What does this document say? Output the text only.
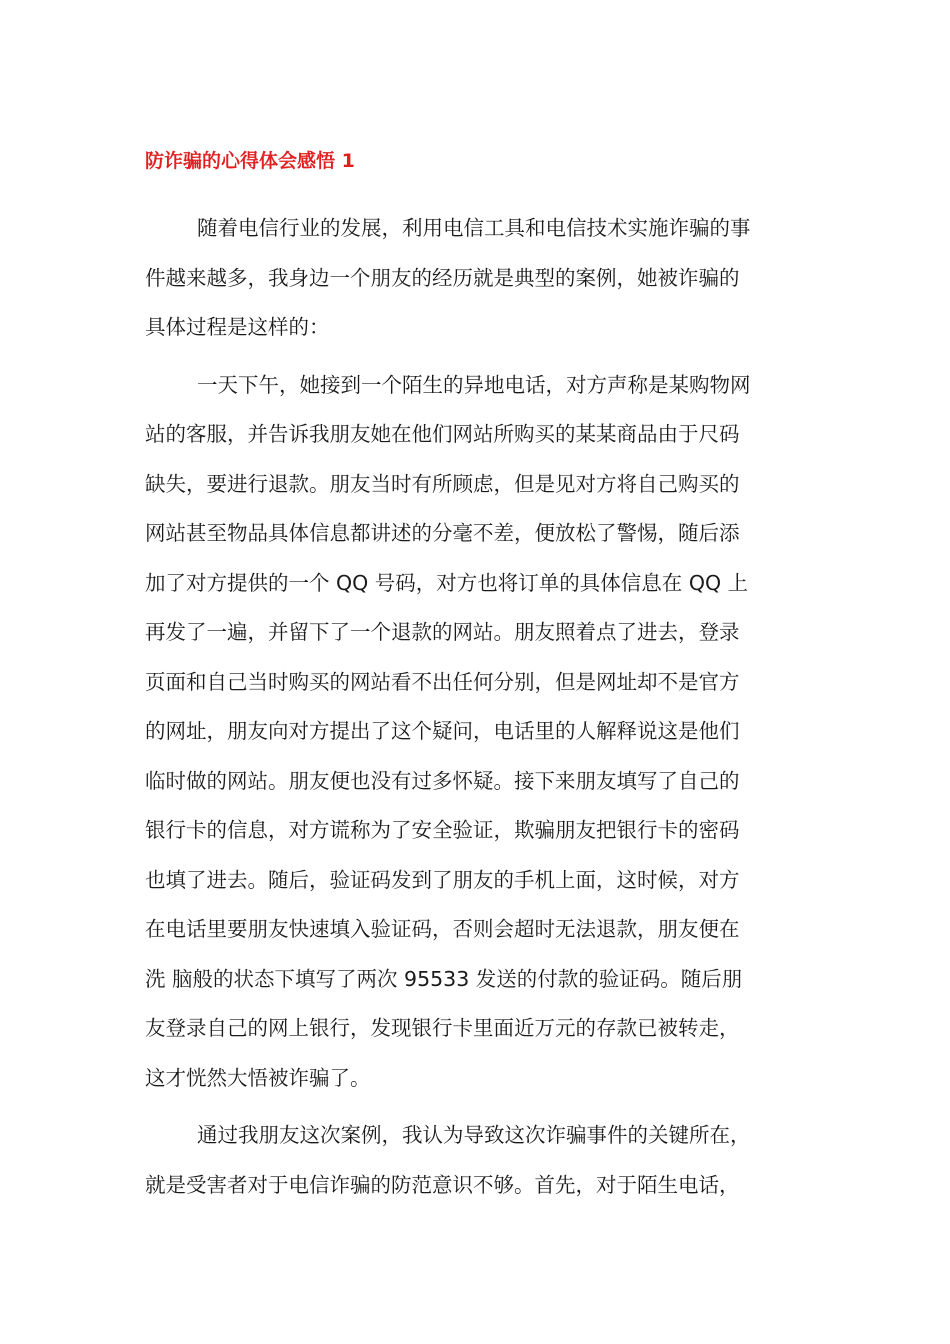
防诈骗的心得体会感悟 1
随着电信行业的发展，利用电信工具和电信技术实施诈骗的事
件越来越多，我身边一个朋友的经历就是典型的案例，她被诈骗的
具体过程是这样的：
一天下午，她接到一个陌生的异地电话，对方声称是某购物网
站的客服，并告诉我朋友她在他们网站所购买的某某商品由于尺码
缺失，要进行退款。朋友当时有所顾虑，但是见对方将自己购买的
网站甚至物品具体信息都讲述的分毫不差，便放松了警惕，随后添
加了对方提供的一个 QQ 号码，对方也将订单的具体信息在 QQ 上
再发了一遍，并留下了一个退款的网站。朋友照着点了进去，登录
页面和自己当时购买的网站看不出任何分别，但是网址却不是官方
的网址，朋友向对方提出了这个疑问，电话里的人解释说这是他们
临时做的网站。朋友便也没有过多怀疑。接下来朋友填写了自己的
银行卡的信息，对方谎称为了安全验证，欺骗朋友把银行卡的密码
也填了进去。随后，验证码发到了朋友的手机上面，这时候，对方
在电话里要朋友快速填入验证码，否则会超时无法退款，朋友便在
洗 脑般的状态下填写了两次 95533 发送的付款的验证码。随后朋
友登录自己的网上银行，发现银行卡里面近万元的存款已被转走，
这才恍然大悟被诈骗了。
通过我朋友这次案例，我认为导致这次诈骗事件的关键所在，
就是受害者对于电信诈骗的防范意识不够。首先，对于陌生电话，
